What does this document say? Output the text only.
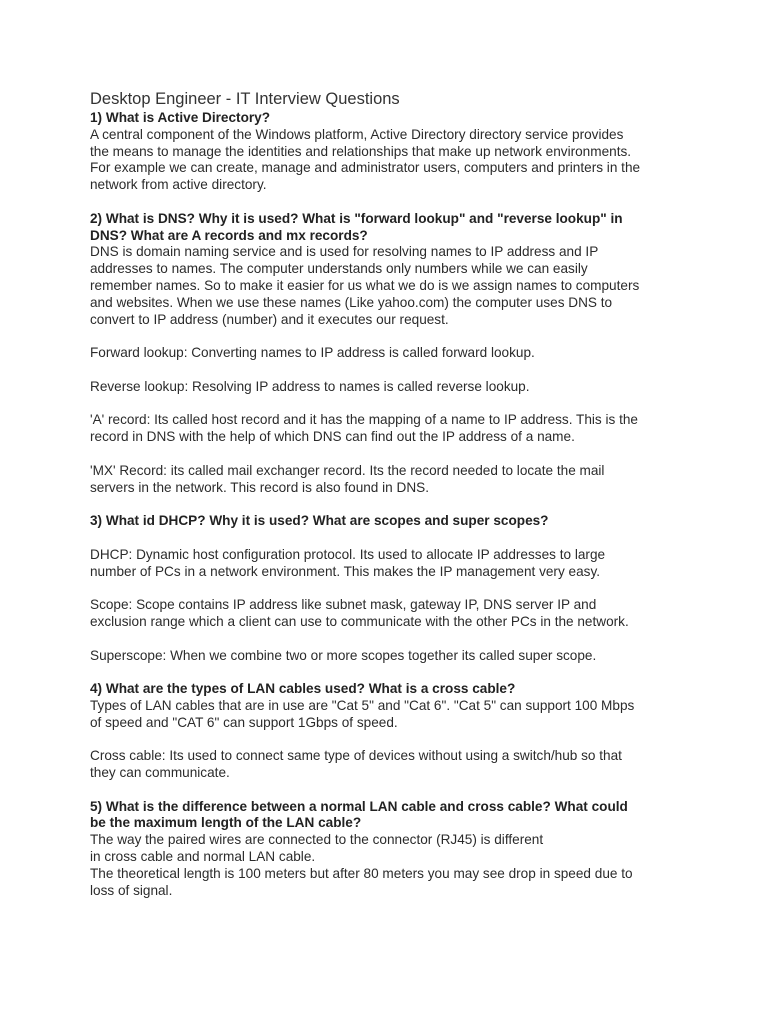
Desktop Engineer - IT Interview Questions
1) What is Active Directory?
A central component of the Windows platform, Active Directory directory service provides
the means to manage the identities and relationships that make up network environments.
For example we can create, manage and administrator users, computers and printers in the
network from active directory.
2) What is DNS? Why it is used? What is "forward lookup" and "reverse lookup" in
DNS? What are A records and mx records?
DNS is domain naming service and is used for resolving names to IP address and IP
addresses to names. The computer understands only numbers while we can easily
remember names. So to make it easier for us what we do is we assign names to computers
and websites. When we use these names (Like yahoo.com) the computer uses DNS to
convert to IP address (number) and it executes our request.
Forward lookup: Converting names to IP address is called forward lookup.
Reverse lookup: Resolving IP address to names is called reverse lookup.
'A' record: Its called host record and it has the mapping of a name to IP address. This is the
record in DNS with the help of which DNS can find out the IP address of a name.
'MX' Record: its called mail exchanger record. Its the record needed to locate the mail
servers in the network. This record is also found in DNS.
3) What id DHCP? Why it is used? What are scopes and super scopes?
DHCP: Dynamic host configuration protocol. Its used to allocate IP addresses to large
number of PCs in a network environment. This makes the IP management very easy.
Scope: Scope contains IP address like subnet mask, gateway IP, DNS server IP and
exclusion range which a client can use to communicate with the other PCs in the network.
Superscope: When we combine two or more scopes together its called super scope.
4) What are the types of LAN cables used? What is a cross cable?
Types of LAN cables that are in use are "Cat 5" and "Cat 6". "Cat 5" can support 100 Mbps
of speed and "CAT 6" can support 1Gbps of speed.
Cross cable: Its used to connect same type of devices without using a switch/hub so that
they can communicate.
5) What is the difference between a normal LAN cable and cross cable? What could
be the maximum length of the LAN cable?
The way the paired wires are connected to the connector (RJ45) is different
in cross cable and normal LAN cable.
The theoretical length is 100 meters but after 80 meters you may see drop in speed due to
loss of signal.
